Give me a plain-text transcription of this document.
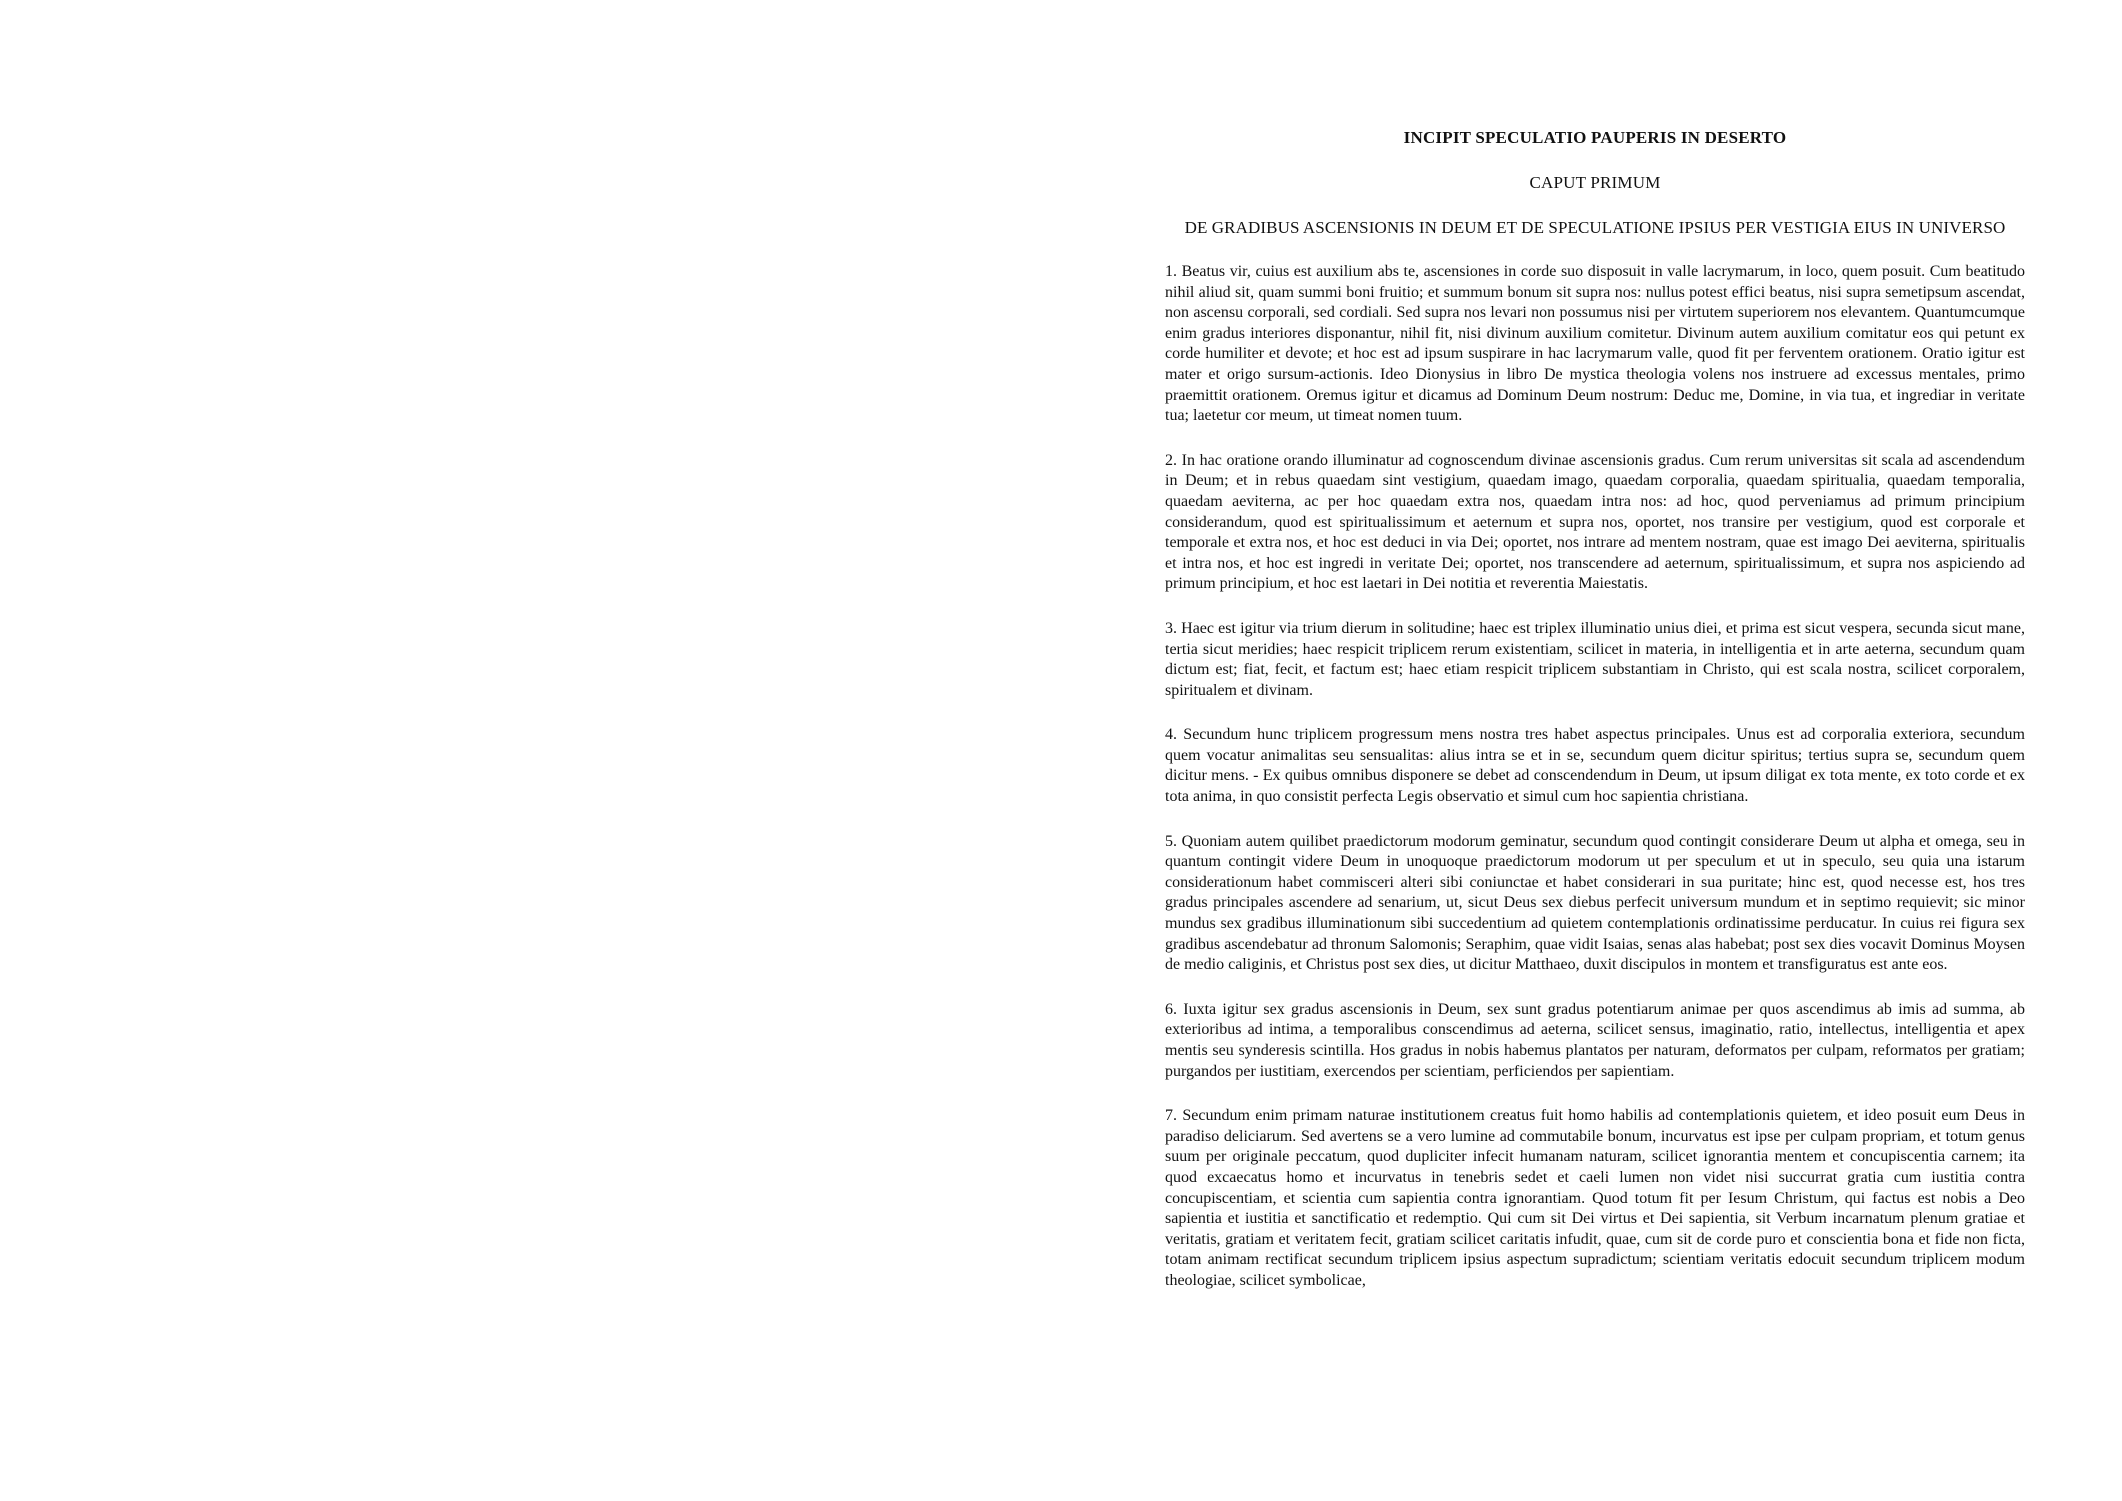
INCIPIT SPECULATIO PAUPERIS IN DESERTO
CAPUT PRIMUM
DE GRADIBUS ASCENSIONIS IN DEUM ET DE SPECULATIONE IPSIUS PER VESTIGIA EIUS IN UNIVERSO

1. Beatus vir, cuius est auxilium abs te, ascensiones in corde suo disposuit in valle lacrymarum, in loco, quem posuit. Cum beatitudo nihil aliud sit, quam summi boni fruitio; et summum bonum sit supra nos: nullus potest effici beatus, nisi supra semetipsum ascendat, non ascensu corporali, sed cordiali. Sed supra nos levari non possumus nisi per virtutem superiorem nos elevantem. Quantumcumque enim gradus interiores disponantur, nihil fit, nisi divinum auxilium comitetur. Divinum autem auxilium comitatur eos qui petunt ex corde humiliter et devote; et hoc est ad ipsum suspirare in hac lacrymarum valle, quod fit per ferventem orationem. Oratio igitur est mater et origo sursum-actionis. Ideo Dionysius in libro De mystica theologia volens nos instruere ad excessus mentales, primo praemittit orationem. Oremus igitur et dicamus ad Dominum Deum nostrum: Deduc me, Domine, in via tua, et ingrediar in veritate tua; laetetur cor meum, ut timeat nomen tuum.

2. In hac oratione orando illuminatur ad cognoscendum divinae ascensionis gradus. Cum rerum universitas sit scala ad ascendendum in Deum; et in rebus quaedam sint vestigium, quaedam imago, quaedam corporalia, quaedam spiritualia, quaedam temporalia, quaedam aeviterna, ac per hoc quaedam extra nos, quaedam intra nos: ad hoc, quod perveniamus ad primum principium considerandum, quod est spiritualissimum et aeternum et supra nos, oportet, nos transire per vestigium, quod est corporale et temporale et extra nos, et hoc est deduci in via Dei; oportet, nos intrare ad mentem nostram, quae est imago Dei aeviterna, spiritualis et intra nos, et hoc est ingredi in veritate Dei; oportet, nos transcendere ad aeternum, spiritualissimum, et supra nos aspiciendo ad primum principium, et hoc est laetari in Dei notitia et reverentia Maiestatis.

3. Haec est igitur via trium dierum in solitudine; haec est triplex illuminatio unius diei, et prima est sicut vespera, secunda sicut mane, tertia sicut meridies; haec respicit triplicem rerum existentiam, scilicet in materia, in intelligentia et in arte aeterna, secundum quam dictum est; fiat, fecit, et factum est; haec etiam respicit triplicem substantiam in Christo, qui est scala nostra, scilicet corporalem, spiritualem et divinam.

4. Secundum hunc triplicem progressum mens nostra tres habet aspectus principales. Unus est ad corporalia exteriora, secundum quem vocatur animalitas seu sensualitas: alius intra se et in se, secundum quem dicitur spiritus; tertius supra se, secundum quem dicitur mens. - Ex quibus omnibus disponere se debet ad conscendendum in Deum, ut ipsum diligat ex tota mente, ex toto corde et ex tota anima, in quo consistit perfecta Legis observatio et simul cum hoc sapientia christiana.

5. Quoniam autem quilibet praedictorum modorum geminatur, secundum quod contingit considerare Deum ut alpha et omega, seu in quantum contingit videre Deum in unoquoque praedictorum modorum ut per speculum et ut in speculo, seu quia una istarum considerationum habet commisceri alteri sibi coniunctae et habet considerari in sua puritate; hinc est, quod necesse est, hos tres gradus principales ascendere ad senarium, ut, sicut Deus sex diebus perfecit universum mundum et in septimo requievit; sic minor mundus sex gradibus illuminationum sibi succedentium ad quietem contemplationis ordinatissime perducatur. In cuius rei figura sex gradibus ascendebatur ad thronum Salomonis; Seraphim, quae vidit Isaias, senas alas habebat; post sex dies vocavit Dominus Moysen de medio caliginis, et Christus post sex dies, ut dicitur Matthaeo, duxit discipulos in montem et transfiguratus est ante eos.

6. Iuxta igitur sex gradus ascensionis in Deum, sex sunt gradus potentiarum animae per quos ascendimus ab imis ad summa, ab exterioribus ad intima, a temporalibus conscendimus ad aeterna, scilicet sensus, imaginatio, ratio, intellectus, intelligentia et apex mentis seu synderesis scintilla. Hos gradus in nobis habemus plantatos per naturam, deformatos per culpam, reformatos per gratiam; purgandos per iustitiam, exercendos per scientiam, perficiendos per sapientiam.

7. Secundum enim primam naturae institutionem creatus fuit homo habilis ad contemplationis quietem, et ideo posuit eum Deus in paradiso deliciarum. Sed avertens se a vero lumine ad commutabile bonum, incurvatus est ipse per culpam propriam, et totum genus suum per originale peccatum, quod dupliciter infecit humanam naturam, scilicet ignorantia mentem et concupiscentia carnem; ita quod excaecatus homo et incurvatus in tenebris sedet et caeli lumen non videt nisi succurrat gratia cum iustitia contra concupiscentiam, et scientia cum sapientia contra ignorantiam. Quod totum fit per Iesum Christum, qui factus est nobis a Deo sapientia et iustitia et sanctificatio et redemptio. Qui cum sit Dei virtus et Dei sapientia, sit Verbum incarnatum plenum gratiae et veritatis, gratiam et veritatem fecit, gratiam scilicet caritatis infudit, quae, cum sit de corde puro et conscientia bona et fide non ficta, totam animam rectificat secundum triplicem ipsius aspectum supradictum; scientiam veritatis edocuit secundum triplicem modum theologiae, scilicet symbolicae,
